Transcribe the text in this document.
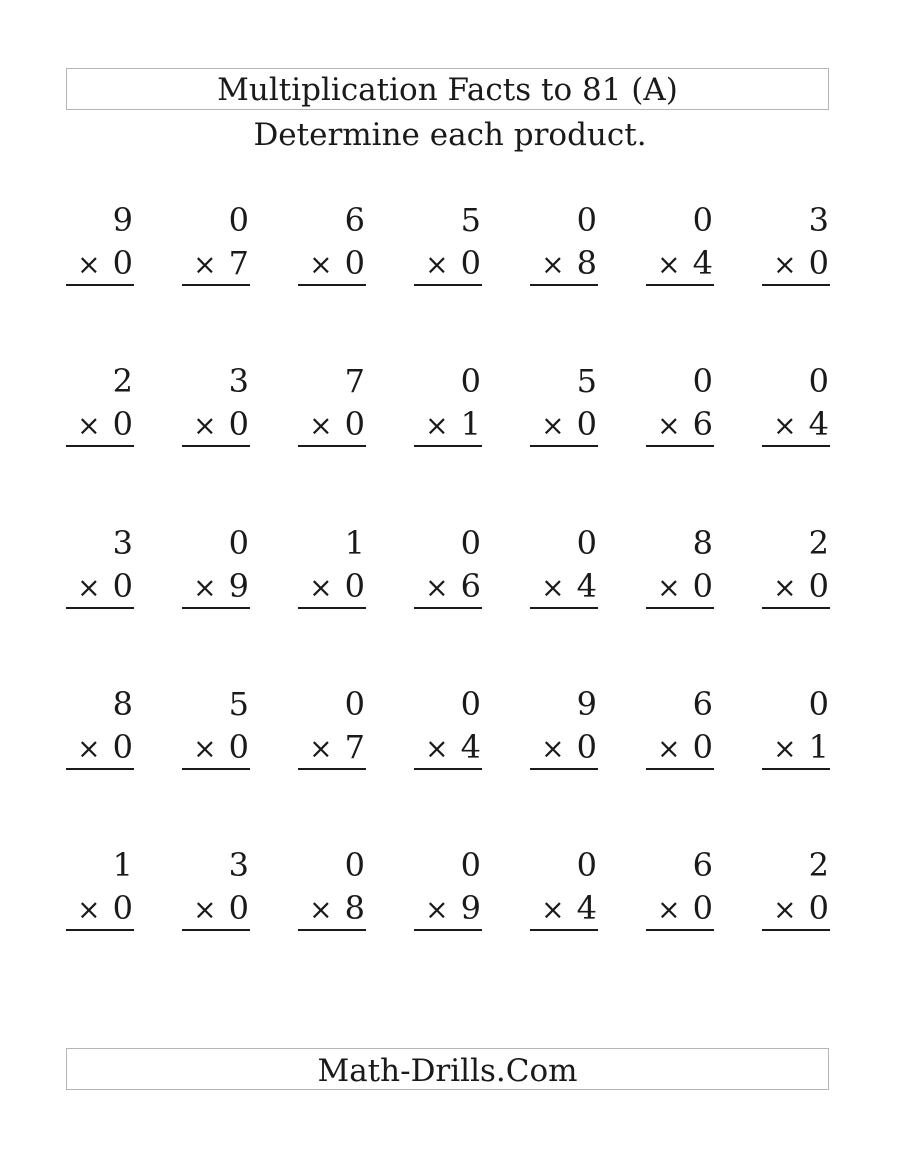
Multiplication Facts to 81 (A)
Determine each product.
9
× 0
0
× 7
6
× 0
5
× 0
0
× 8
0
× 4
3
× 0
2
× 0
3
× 0
7
× 0
0
× 1
5
× 0
0
× 6
0
× 4
3
× 0
0
× 9
1
× 0
0
× 6
0
× 4
8
× 0
2
× 0
8
× 0
5
× 0
0
× 7
0
× 4
9
× 0
6
× 0
0
× 1
1
× 0
3
× 0
0
× 8
0
× 9
0
× 4
6
× 0
2
× 0
Math-Drills.Com
